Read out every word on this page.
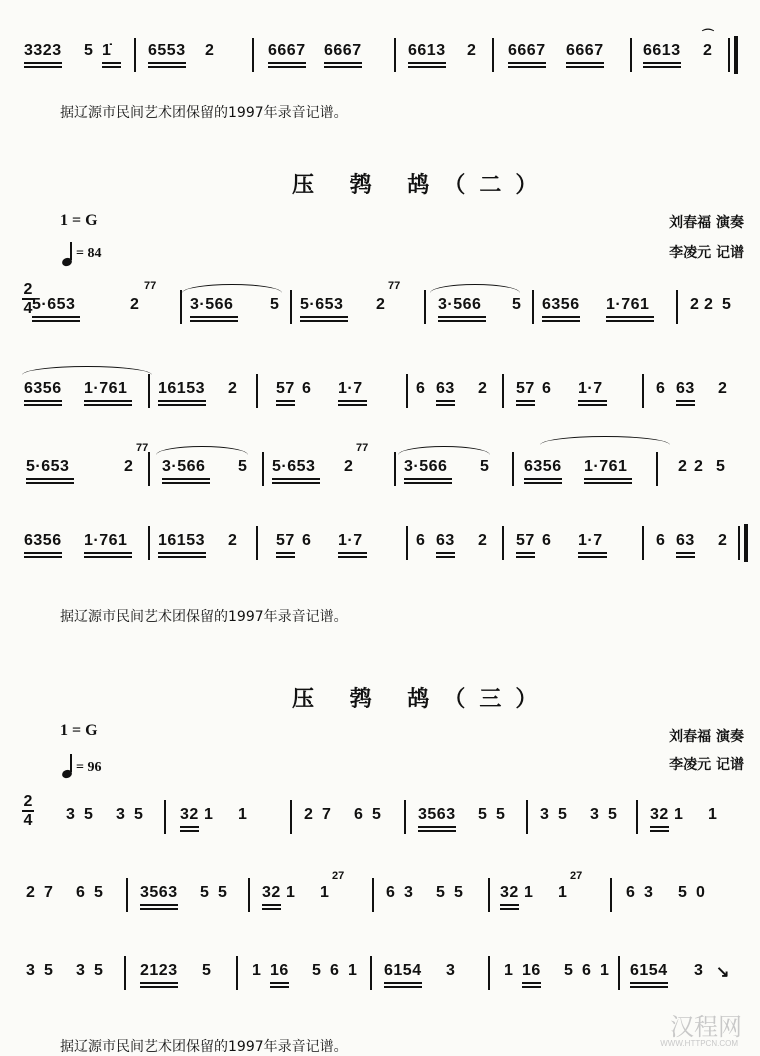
3323 5 1̇ 6553 2	6667 6667	6613 2 6667 6667 6613 2
⌒
据辽源市民间艺术团保留的1997年录音记谱。
压 鹁 鸪（二）
1 = G
= 84
刘春福 演奏
李凌元 记谱
2
4 5·653	2	3·566 5 5·653 2	3·566 5 6356 1·761	2 2 5
6356 1·761 16153 2 57 6 1·7	6 63 2 57 6 1·7	6 63 2
5·653	2 3·566 5 5·653 2	3·566 5 6356 1·761	2 2 5
6356 1·761 16153 2 57 6 1·7	6 63 2 57 6 1·7	6 63 2
77	77
77	77
据辽源市民间艺术团保留的1997年录音记谱。
压 鹁 鸪（三）
1 = G
= 96
刘春福 演奏
李凌元 记谱
2
4 3 5 3 5 32 1 1	2 7 6 5 3563 5 5 3 5 3 5 32 1 1
2 7 6 5 3563 5 5 32 1 1	6 3 5 5 32 1 1	6 3 5 0
3 5 3 5 2123 5	1 16 5 6 1 6154 3	1 16 5 6 1 6154 3
27	27
↘
据辽源市民间艺术团保留的1997年录音记谱。
汉程网
WWW.HTTPCN.COM
